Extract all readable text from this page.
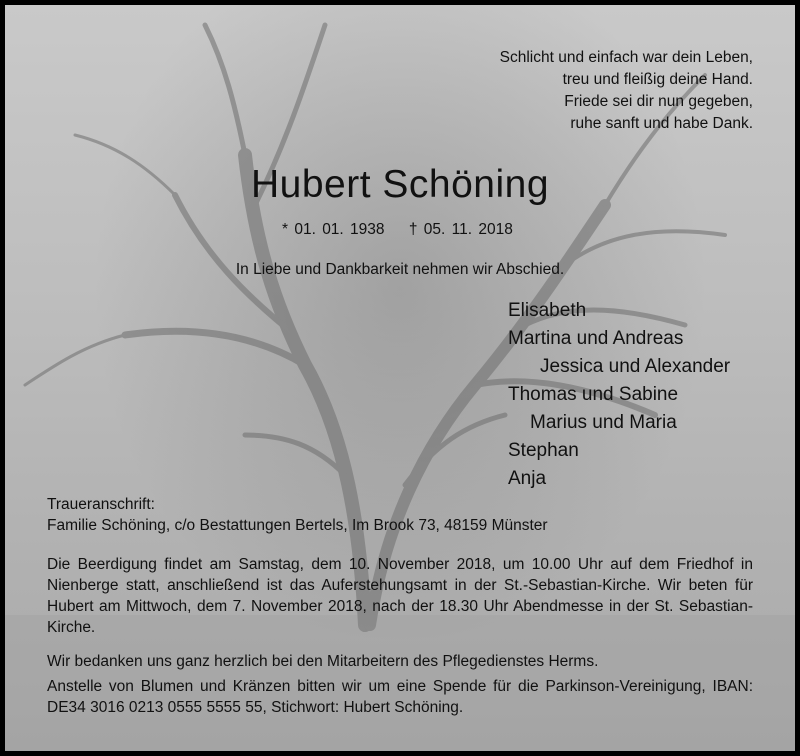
Schlicht und einfach war dein Leben,
treu und fleißig deine Hand.
Friede sei dir nun gegeben,
ruhe sanft und habe Dank.
Hubert Schöning
* 01. 01. 1938 † 05. 11. 2018
In Liebe und Dankbarkeit nehmen wir Abschied.
Elisabeth
Martina und Andreas
Jessica und Alexander
Thomas und Sabine
Marius und Maria
Stephan
Anja
Traueranschrift:
Familie Schöning, c/o Bestattungen Bertels, Im Brook 73, 48159 Münster
Die Beerdigung findet am Samstag, dem 10. November 2018, um 10.00 Uhr auf dem Friedhof in Nienberge statt, anschließend ist das Auferstehungsamt in der St.-Sebastian-Kirche. Wir beten für Hubert am Mittwoch, dem 7. November 2018, nach der 18.30 Uhr Abendmesse in der St. Sebastian-Kirche.
Wir bedanken uns ganz herzlich bei den Mitarbeitern des Pflegedienstes Herms.
Anstelle von Blumen und Kränzen bitten wir um eine Spende für die Parkinson-Vereinigung, IBAN: DE34 3016 0213 0555 5555 55, Stichwort: Hubert Schöning.
